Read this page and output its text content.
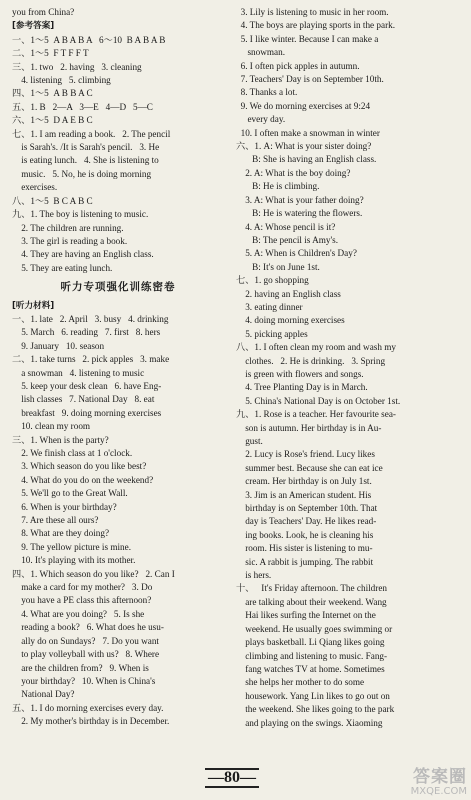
you from China?
[参考答案]
一、1～5  A B A B A   6～10  B A B A B
二、1～5  F T F F T
三、1. two   2. having   3. cleaning
4. listening   5. climbing
四、1～5  A B B A C
五、1. B   2―A   3―E   4―D   5―C
六、1～5  D A E B C
七、1. I am reading a book.   2. The pencil
is Sarah's. /It is Sarah's pencil.   3. He
is eating lunch.   4. She is listening to
music.   5. No, he is doing morning
exercises.
八、1～5  B C A B C
九、1. The boy is listening to music.
2. The children are running.
3. The girl is reading a book.
4. They are having an English class.
5. They are eating lunch.
听力专项强化训练密卷
[听力材料]
一、1. late   2. April   3. busy   4. drinking
5. March   6. reading   7. first   8. hers
9. January   10. season
二、1. take turns   2. pick apples   3. make
a snowman   4. listening to music
5. keep your desk clean   6. have Eng-
lish classes   7. National Day   8. eat
breakfast   9. doing morning exercises
10. clean my room
三、1. When is the party?
2. We finish class at 1 o'clock.
3. Which season do you like best?
4. What do you do on the weekend?
5. We'll go to the Great Wall.
6. When is your birthday?
7. Are these all ours?
8. What are they doing?
9. The yellow picture is mine.
10. It's playing with its mother.
四、1. Which season do you like?   2. Can I
make a card for my mother?   3. Do
you have a PE class this afternoon?
4. What are you doing?   5. Is she
reading a book?   6. What does he usu-
ally do on Sundays?   7. Do you want
to play volleyball with us?   8. Where
are the children from?   9. When is
your birthday?   10. When is China's
National Day?
五、1. I do morning exercises every day.
2. My mother's birthday is in December.
3. Lily is listening to music in her room.
4. The boys are playing sports in the park.
5. I like winter. Because I can make a
snowman.
6. I often pick apples in autumn.
7. Teachers' Day is on September 10th.
8. Thanks a lot.
9. We do morning exercises at 9:24
every day.
10. I often make a snowman in winter
六、1. A: What is your sister doing?
B: She is having an English class.
2. A: What is the boy doing?
B: He is climbing.
3. A: What is your father doing?
B: He is watering the flowers.
4. A: Whose pencil is it?
B: The pencil is Amy's.
5. A: When is Children's Day?
B: It's on June 1st.
七、1. go shopping
2. having an English class
3. eating dinner
4. doing morning exercises
5. picking apples
八、1. I often clean my room and wash my
clothes.   2. He is drinking.   3. Spring
is green with flowers and songs.
4. Tree Planting Day is in March.
5. China's National Day is on October 1st.
九、1. Rose is a teacher. Her favourite sea-
son is autumn. Her birthday is in Au-
gust.
2. Lucy is Rose's friend. Lucy likes
summer best. Because she can eat ice
cream. Her birthday is on July 1st.
3. Jim is an American student. His
birthday is on September 10th. That
day is Teachers' Day. He likes read-
ing books. Look, he is cleaning his
room. His sister is listening to mu-
sic. A rabbit is jumping. The rabbit
is hers.
十、   It's Friday afternoon. The children
are talking about their weekend. Wang
Hai likes surfing the Internet on the
weekend. He usually goes swimming or
plays basketball. Li Qiang likes going
climbing and listening to music. Fang-
fang watches TV at home. Sometimes
she helps her mother to do some
housework. Yang Lin likes to go out on
the weekend. She likes going to the park
and playing on the swings. Xiaoming
—80—	答案圈
MXQE.COM
